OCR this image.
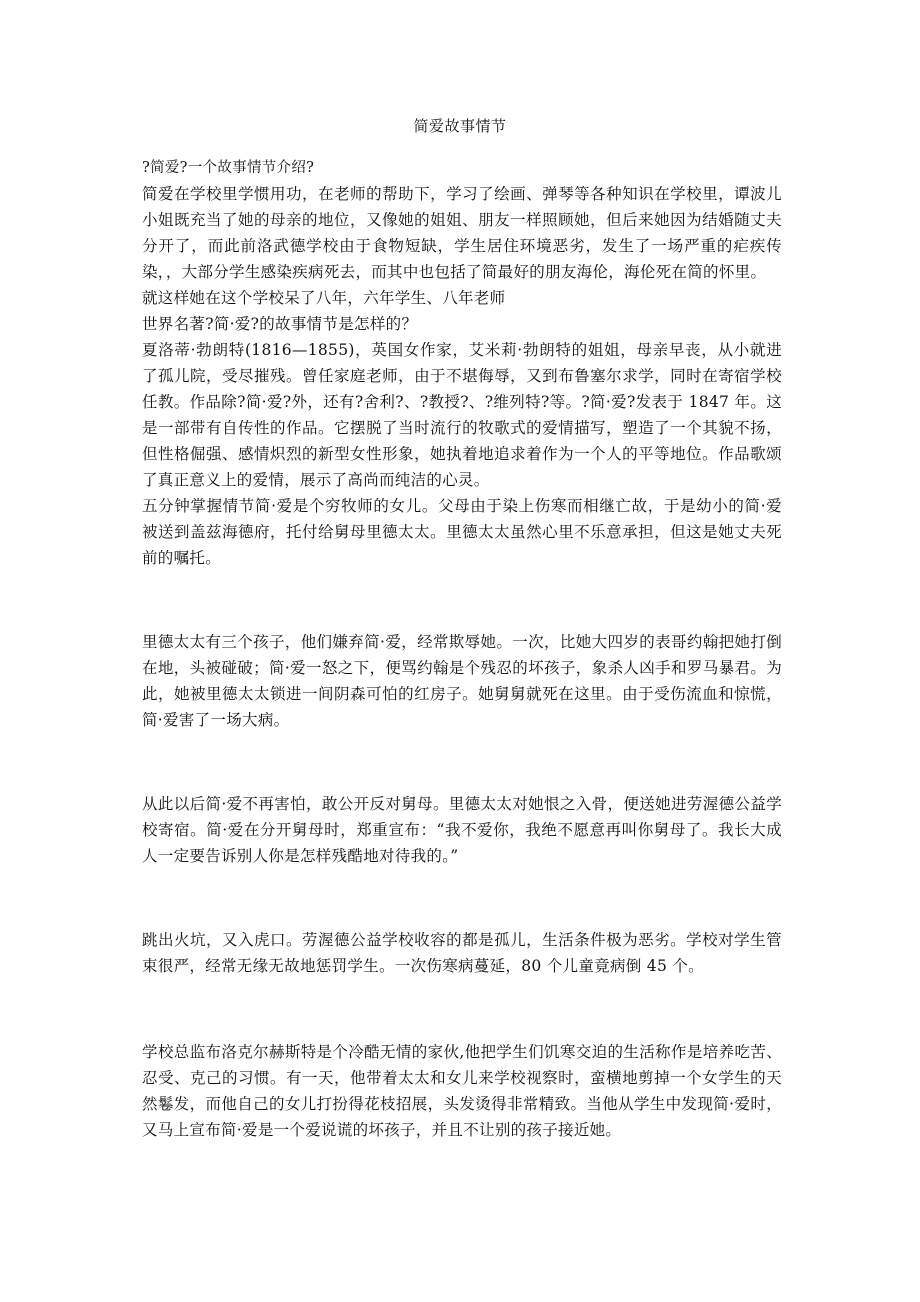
简爱故事情节

?简爱?一个故事情节介绍?

简爱在学校里学惯用功，在老师的帮助下，学习了绘画、弹琴等各种知识在学校里，谭波儿小姐既充当了她的母亲的地位，又像她的姐姐、朋友一样照顾她，但后来她因为结婚随丈夫分开了，而此前洛武德学校由于食物短缺，学生居住环境恶劣，发生了一场严重的疟疾传染，，大部分学生感染疾病死去，而其中也包括了简最好的朋友海伦，海伦死在简的怀里。

就这样她在这个学校呆了八年，六年学生、八年老师

世界名著?简·爱?的故事情节是怎样的？

夏洛蒂·勃朗特(1816—1855)，英国女作家，艾米莉·勃朗特的姐姐，母亲早丧，从小就进了孤儿院，受尽摧残。曾任家庭老师，由于不堪侮辱，又到布鲁塞尔求学，同时在寄宿学校任教。作品除?简·爱?外，还有?舍利?、?教授?、?维列特?等。?简·爱?发表于 1847 年。这是一部带有自传性的作品。它摆脱了当时流行的牧歌式的爱情描写，塑造了一个其貌不扬，但性格倔强、感情炽烈的新型女性形象，她执着地追求着作为一个人的平等地位。作品歌颂了真正意义上的爱情，展示了高尚而纯洁的心灵。

五分钟掌握情节简·爱是个穷牧师的女儿。父母由于染上伤寒而相继亡故，于是幼小的简·爱被送到盖兹海德府，托付给舅母里德太太。里德太太虽然心里不乐意承担，但这是她丈夫死前的嘱托。

里德太太有三个孩子，他们嫌弃简·爱，经常欺辱她。一次，比她大四岁的表哥约翰把她打倒在地，头被碰破；简·爱一怒之下，便骂约翰是个残忍的坏孩子，象杀人凶手和罗马暴君。为此，她被里德太太锁进一间阴森可怕的红房子。她舅舅就死在这里。由于受伤流血和惊慌，简·爱害了一场大病。

从此以后简·爱不再害怕，敢公开反对舅母。里德太太对她恨之入骨，便送她进劳渥德公益学校寄宿。简·爱在分开舅母时，郑重宣布：“我不爱你，我绝不愿意再叫你舅母了。我长大成人一定要告诉别人你是怎样残酷地对待我的。”

跳出火坑，又入虎口。劳渥德公益学校收容的都是孤儿，生活条件极为恶劣。学校对学生管束很严，经常无缘无故地惩罚学生。一次伤寒病蔓延，80 个儿童竟病倒 45 个。

学校总监布洛克尔赫斯特是个冷酷无情的家伙,他把学生们饥寒交迫的生活称作是培养吃苦、忍受、克己的习惯。有一天，他带着太太和女儿来学校视察时，蛮横地剪掉一个女学生的天然鬈发，而他自己的女儿打扮得花枝招展，头发烫得非常精致。当他从学生中发现简·爱时，又马上宣布简·爱是一个爱说谎的坏孩子，并且不让别的孩子接近她。
